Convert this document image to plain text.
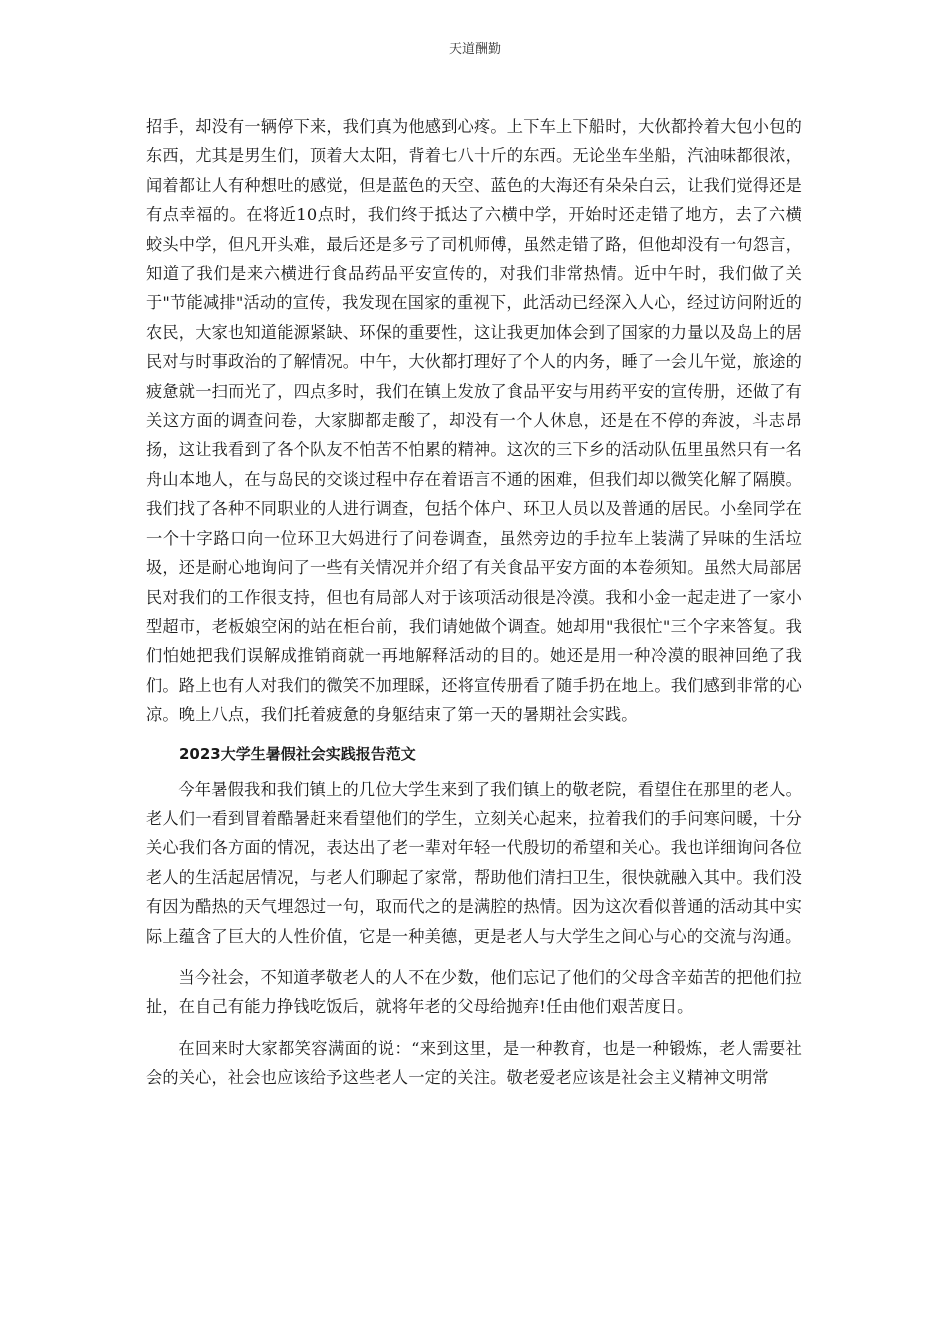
天道酬勤

招手，却没有一辆停下来，我们真为他感到心疼。上下车上下船时，大伙都拎着大包小包的东西，尤其是男生们，顶着大太阳，背着七八十斤的东西。无论坐车坐船，汽油味都很浓，闻着都让人有种想吐的感觉，但是蓝色的天空、蓝色的大海还有朵朵白云，让我们觉得还是有点幸福的。在将近10点时，我们终于抵达了六横中学，开始时还走错了地方，去了六横蛟头中学，但凡开头难，最后还是多亏了司机师傅，虽然走错了路，但他却没有一句怨言，知道了我们是来六横进行食品药品平安宣传的，对我们非常热情。近中午时，我们做了关于"节能减排"活动的宣传，我发现在国家的重视下，此活动已经深入人心，经过访问附近的农民，大家也知道能源紧缺、环保的重要性，这让我更加体会到了国家的力量以及岛上的居民对与时事政治的了解情况。中午，大伙都打理好了个人的内务，睡了一会儿午觉，旅途的疲惫就一扫而光了，四点多时，我们在镇上发放了食品平安与用药平安的宣传册，还做了有关这方面的调查问卷，大家脚都走酸了，却没有一个人休息，还是在不停的奔波，斗志昂扬，这让我看到了各个队友不怕苦不怕累的精神。这次的三下乡的活动队伍里虽然只有一名舟山本地人，在与岛民的交谈过程中存在着语言不通的困难，但我们却以微笑化解了隔膜。我们找了各种不同职业的人进行调查，包括个体户、环卫人员以及普通的居民。小垒同学在一个十字路口向一位环卫大妈进行了问卷调查，虽然旁边的手拉车上装满了异味的生活垃圾，还是耐心地询问了一些有关情况并介绍了有关食品平安方面的本卷须知。虽然大局部居民对我们的工作很支持，但也有局部人对于该项活动很是冷漠。我和小金一起走进了一家小型超市，老板娘空闲的站在柜台前，我们请她做个调查。她却用"我很忙"三个字来答复。我们怕她把我们误解成推销商就一再地解释活动的目的。她还是用一种冷漠的眼神回绝了我们。路上也有人对我们的微笑不加理睬，还将宣传册看了随手扔在地上。我们感到非常的心凉。晚上八点，我们托着疲惫的身躯结束了第一天的暑期社会实践。

2023大学生暑假社会实践报告范文

今年暑假我和我们镇上的几位大学生来到了我们镇上的敬老院，看望住在那里的老人。老人们一看到冒着酷暑赶来看望他们的学生，立刻关心起来，拉着我们的手问寒问暖，十分关心我们各方面的情况，表达出了老一辈对年轻一代殷切的希望和关心。我也详细询问各位老人的生活起居情况，与老人们聊起了家常，帮助他们清扫卫生，很快就融入其中。我们没有因为酷热的天气埋怨过一句，取而代之的是满腔的热情。因为这次看似普通的活动其中实际上蕴含了巨大的人性价值，它是一种美德，更是老人与大学生之间心与心的交流与沟通。

当今社会，不知道孝敬老人的人不在少数，他们忘记了他们的父母含辛茹苦的把他们拉扯，在自己有能力挣钱吃饭后，就将年老的父母给抛弃!任由他们艰苦度日。

在回来时大家都笑容满面的说：“来到这里，是一种教育，也是一种锻炼，老人需要社会的关心，社会也应该给予这些老人一定的关注。敬老爱老应该是社会主义精神文明常
